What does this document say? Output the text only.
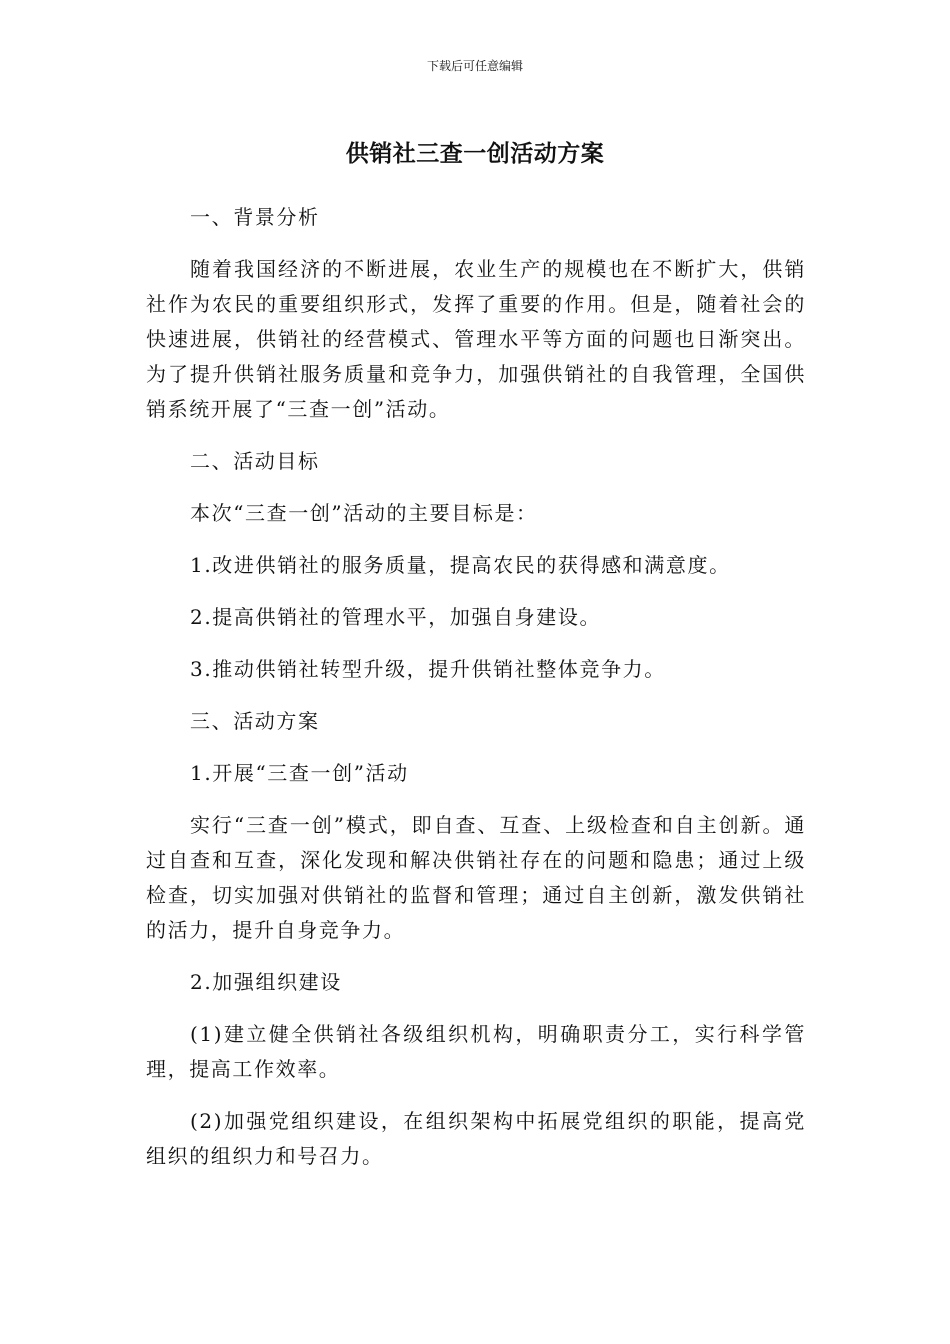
下载后可任意编辑
供销社三查一创活动方案

一、背景分析

随着我国经济的不断进展，农业生产的规模也在不断扩大，供销社作为农民的重要组织形式，发挥了重要的作用。但是，随着社会的快速进展，供销社的经营模式、管理水平等方面的问题也日渐突出。为了提升供销社服务质量和竞争力，加强供销社的自我管理，全国供销系统开展了“三查一创”活动。

二、活动目标

本次“三查一创”活动的主要目标是：

1.改进供销社的服务质量，提高农民的获得感和满意度。

2.提高供销社的管理水平，加强自身建设。

3.推动供销社转型升级，提升供销社整体竞争力。

三、活动方案

1.开展“三查一创”活动

实行“三查一创”模式，即自查、互查、上级检查和自主创新。通过自查和互查，深化发现和解决供销社存在的问题和隐患；通过上级检查，切实加强对供销社的监督和管理；通过自主创新，激发供销社的活力，提升自身竞争力。

2.加强组织建设

(1)建立健全供销社各级组织机构，明确职责分工，实行科学管理，提高工作效率。

(2)加强党组织建设，在组织架构中拓展党组织的职能，提高党组织的组织力和号召力。
